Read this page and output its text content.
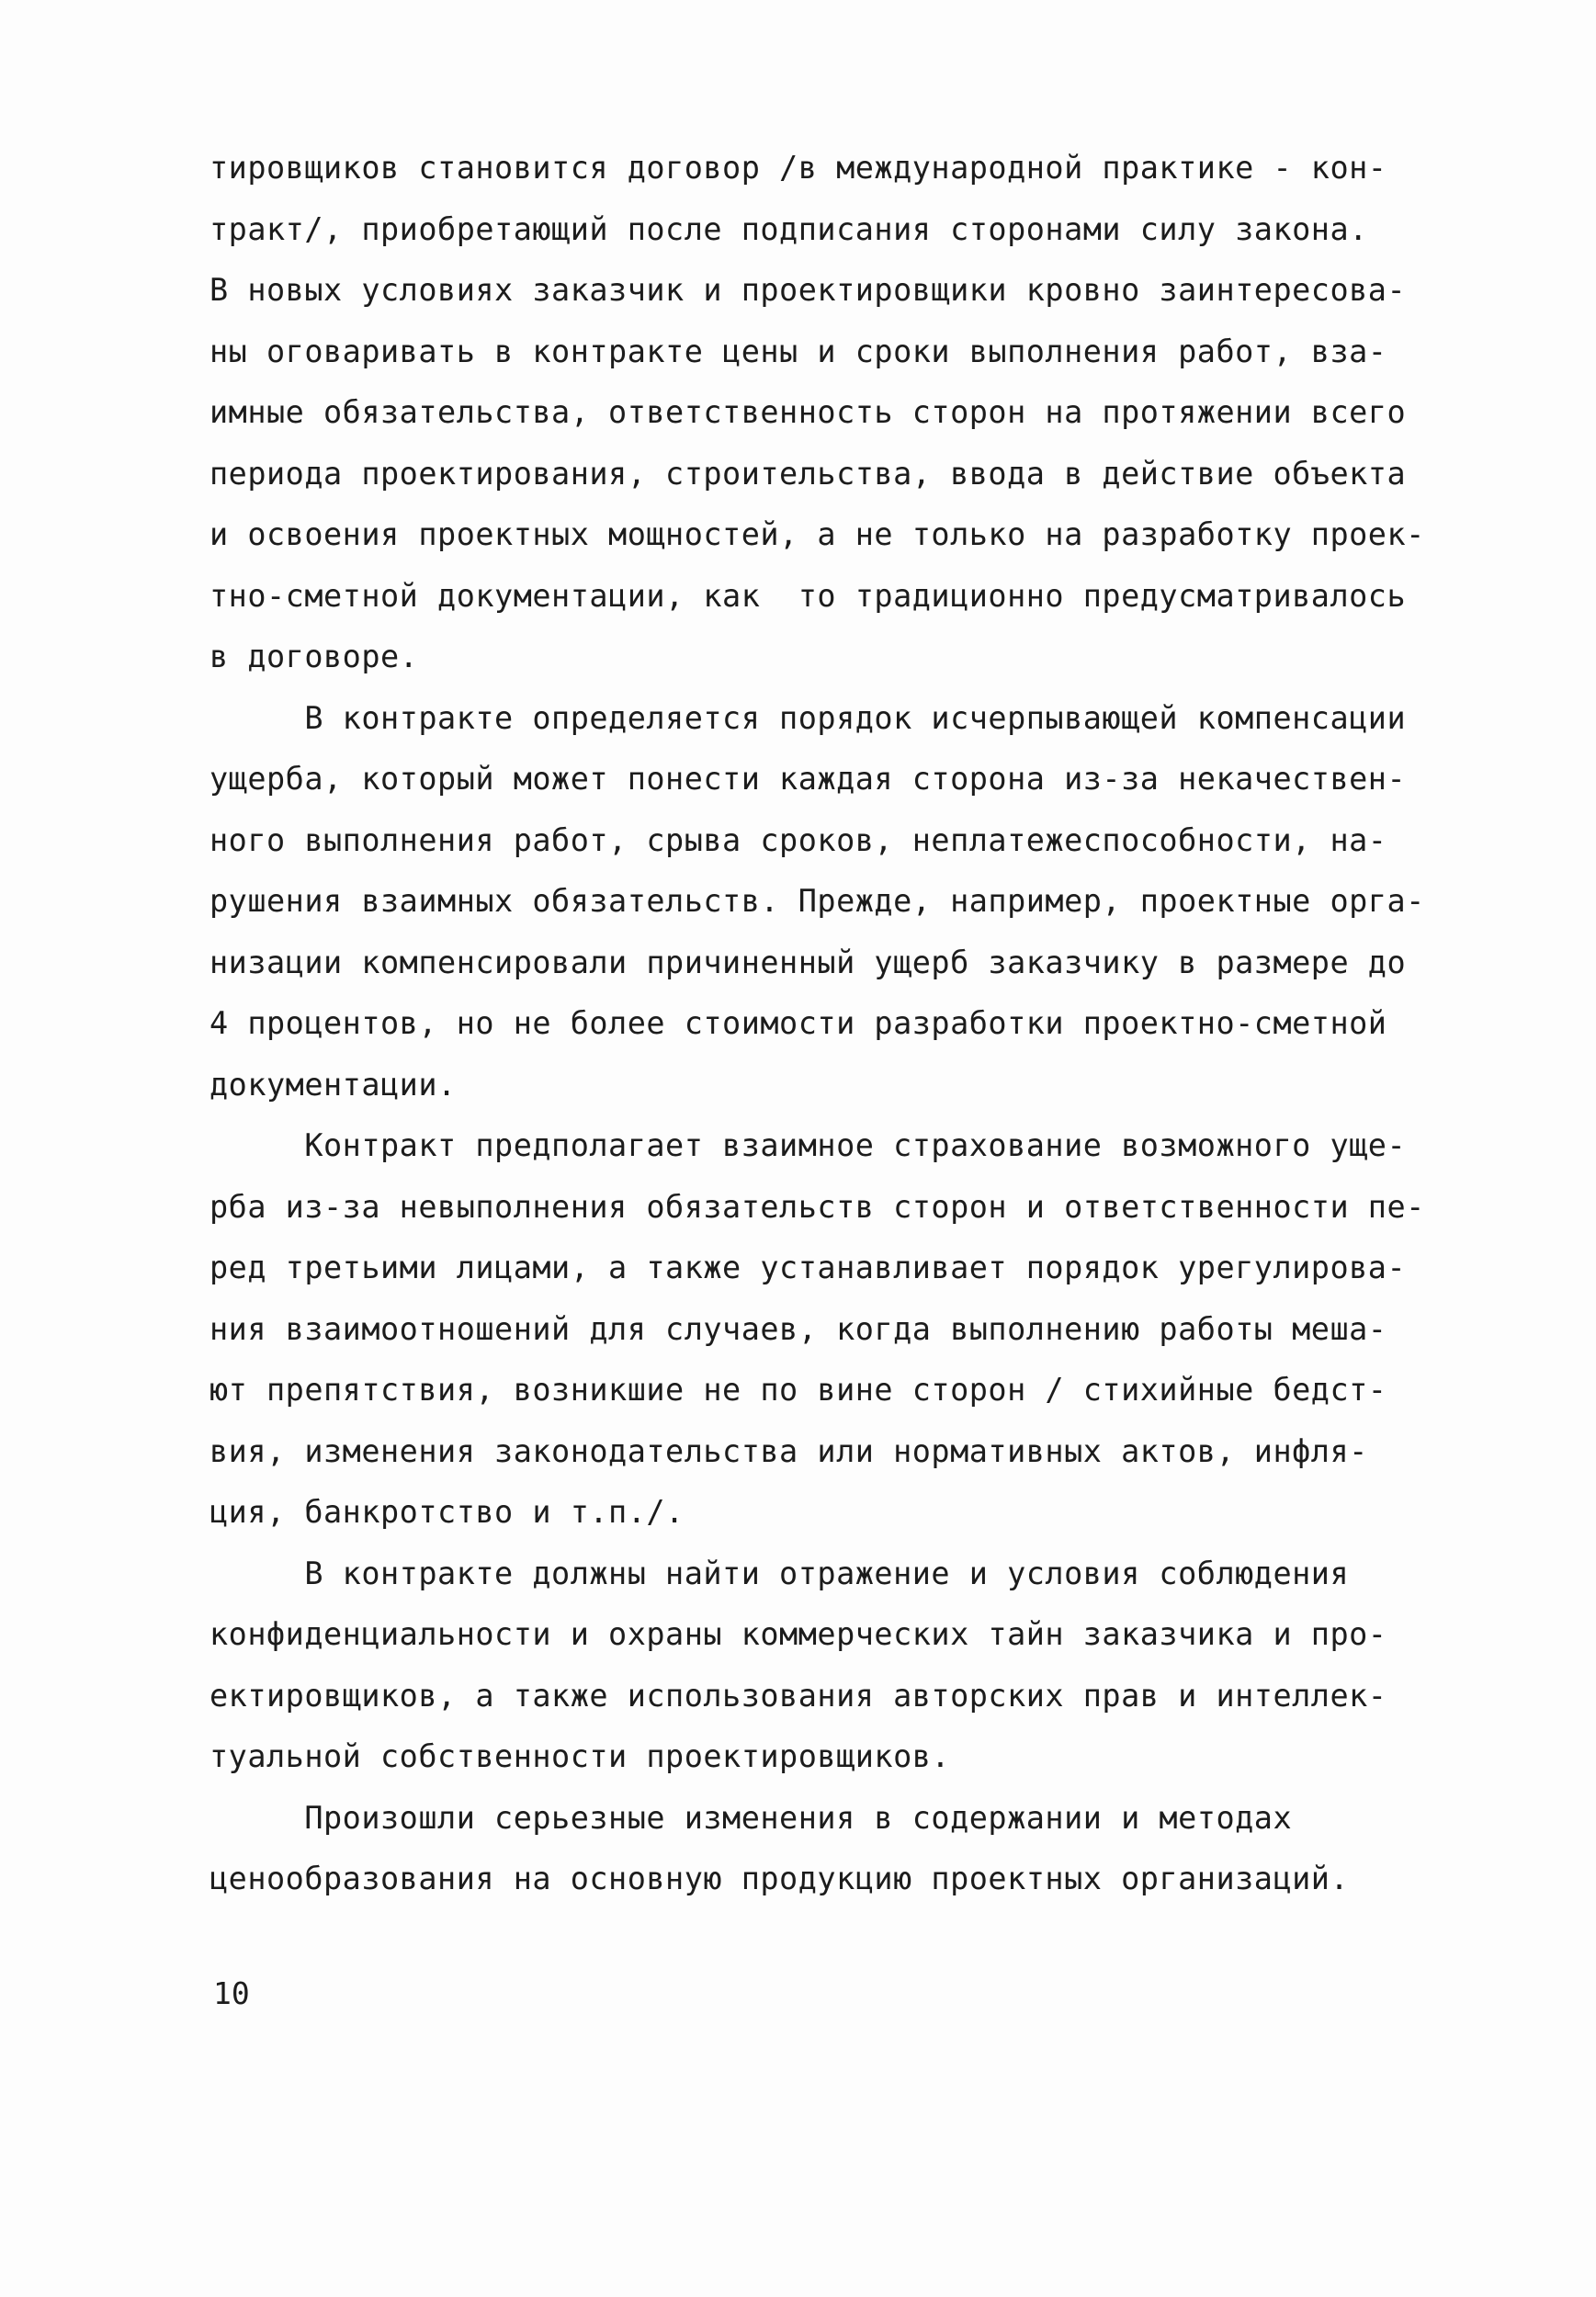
тировщиков становится договор /в международной практике - кон-
тракт/, приобретающий после подписания сторонами силу закона.
В новых условиях заказчик и проектировщики кровно заинтересова-
ны оговаривать в контракте цены и сроки выполнения работ, вза-
имные обязательства, ответственность сторон на протяжении всего
периода проектирования, строительства, ввода в действие объекта
и освоения проектных мощностей, а не только на разработку проек-
тно-сметной документации, как  то традиционно предусматривалось
в договоре.
В контракте определяется порядок исчерпывающей компенсации
ущерба, который может понести каждая сторона из-за некачествен-
ного выполнения работ, срыва сроков, неплатежеспособности, на-
рушения взаимных обязательств. Прежде, например, проектные орга-
низации компенсировали причиненный ущерб заказчику в размере до
4 процентов, но не более стоимости разработки проектно-сметной
документации.
Контракт предполагает взаимное страхование возможного уще-
рба из-за невыполнения обязательств сторон и ответственности пе-
ред третьими лицами, а также устанавливает порядок урегулирова-
ния взаимоотношений для случаев, когда выполнению работы меша-
ют препятствия, возникшие не по вине сторон / стихийные бедст-
вия, изменения законодательства или нормативных актов, инфля-
ция, банкротство и т.п./.
В контракте должны найти отражение и условия соблюдения
конфиденциальности и охраны коммерческих тайн заказчика и про-
ектировщиков, а также использования авторских прав и интеллек-
туальной собственности проектировщиков.
Произошли серьезные изменения в содержании и методах
ценообразования на основную продукцию проектных организаций.
10
